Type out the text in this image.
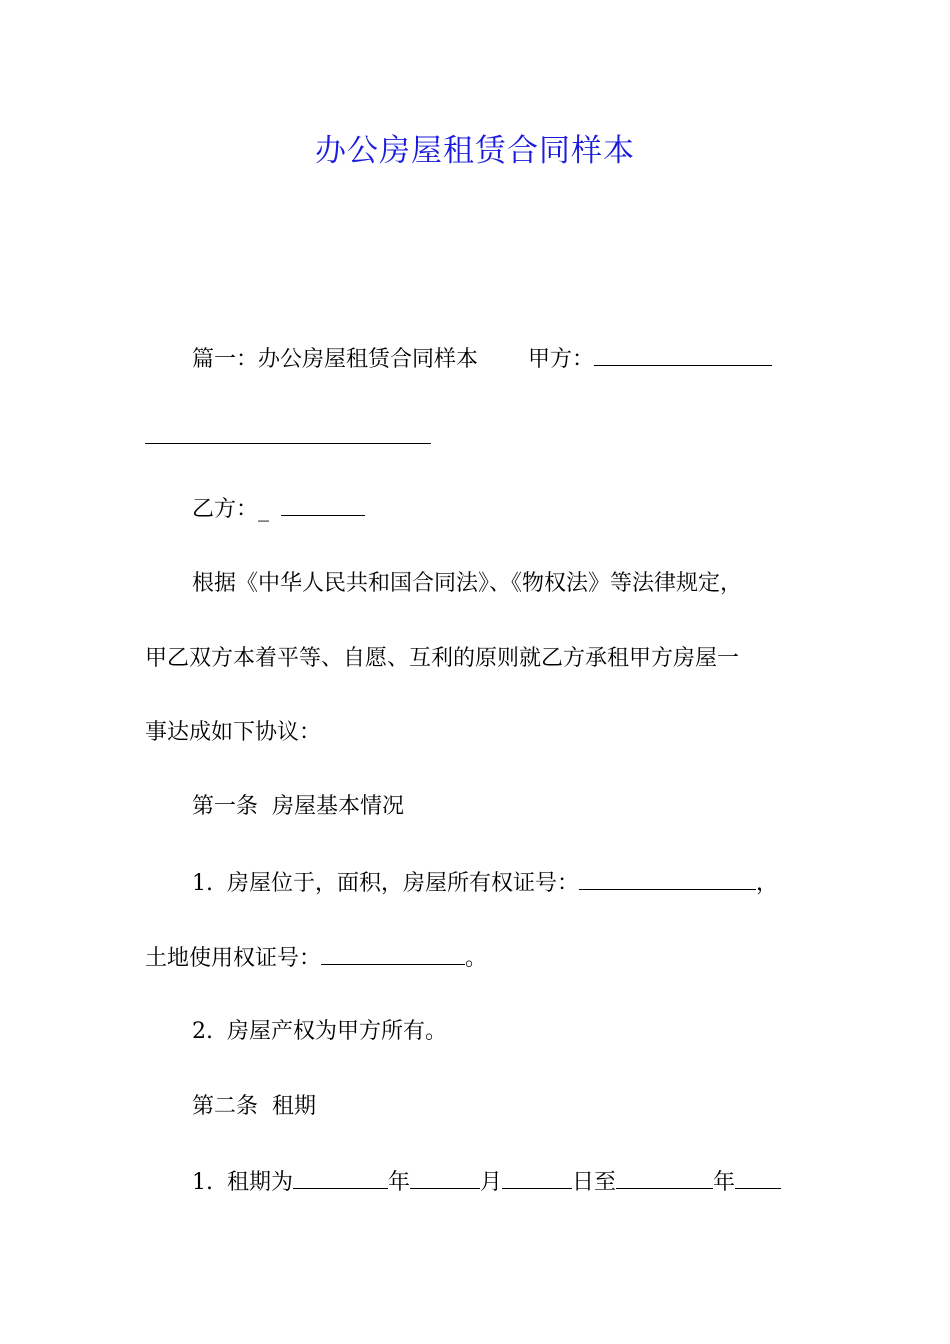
办公房屋租赁合同样本
篇一：办公房屋租赁合同样本 甲方：
乙方：_
根据《中华人民共和国合同法》、《物权法》等法律规定，
甲乙双方本着平等、自愿、互利的原则就乙方承租甲方房屋一
事达成如下协议：
第一条  房屋基本情况
1.  房屋位于，面积，房屋所有权证号：	，
土地使用权证号：	。
2.  房屋产权为甲方所有。
第二条  租期
1.  租期为	年	月	日至	年
